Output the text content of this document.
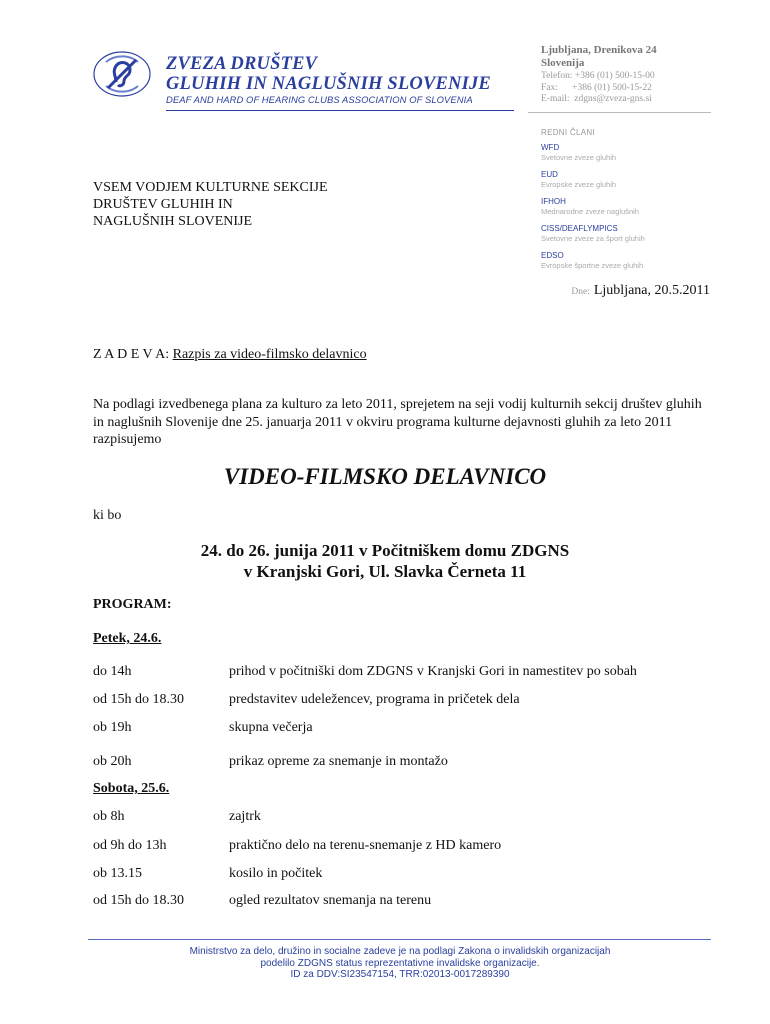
ZVEZA DRUŠTEV
GLUHIH IN NAGLUŠNIH SLOVENIJE
DEAF AND HARD OF HEARING CLUBS ASSOCIATION OF SLOVENIA
Ljubljana, Drenikova 24
Slovenija
Telefon: +386 (01) 500-15-00
Fax:      +386 (01) 500-15-22
E-mail:  zdgns@zveza-gns.si
REDNI ČLANI
WFD
Svetovne zveze gluhih
EUD
Evropske zveze gluhih
IFHOH
Mednarodne zveze naglušnih
CISS/DEAFLYMPICS
Svetovne zveze za šport gluhih
EDSO
Evropske športne zveze gluhih
VSEM VODJEM KULTURNE SEKCIJE
DRUŠTEV GLUHIH IN
NAGLUŠNIH SLOVENIJE
Dne: Ljubljana, 20.5.2011
Z A D E V A: Razpis za video-filmsko delavnico
Na podlagi izvedbenega plana za kulturo za leto 2011, sprejetem na seji vodij kulturnih sekcij društev gluhih in naglušnih Slovenije dne 25. januarja 2011 v okviru programa kulturne dejavnosti gluhih za leto 2011 razpisujemo
VIDEO-FILMSKO DELAVNICO
ki bo
24. do 26. junija 2011 v Počitniškem domu ZDGNS
v Kranjski Gori, Ul. Slavka Černeta 11
PROGRAM:
Petek, 24.6.
do 14h	prihod v počitniški dom ZDGNS v Kranjski Gori in namestitev po sobah
od 15h do 18.30	predstavitev udeležencev, programa in pričetek dela
ob 19h	skupna večerja
ob 20h	prikaz opreme za snemanje in montažo
Sobota, 25.6.
ob 8h	zajtrk
od 9h do 13h	praktično delo na terenu-snemanje z HD kamero
ob 13.15	kosilo in počitek
od 15h do 18.30	ogled rezultatov snemanja na terenu
Ministrstvo za delo, družino in socialne zadeve je na podlagi Zakona o invalidskih organizacijah
podelilo ZDGNS status reprezentativne invalidske organizacije.
ID za DDV:SI23547154, TRR:02013-0017289390
